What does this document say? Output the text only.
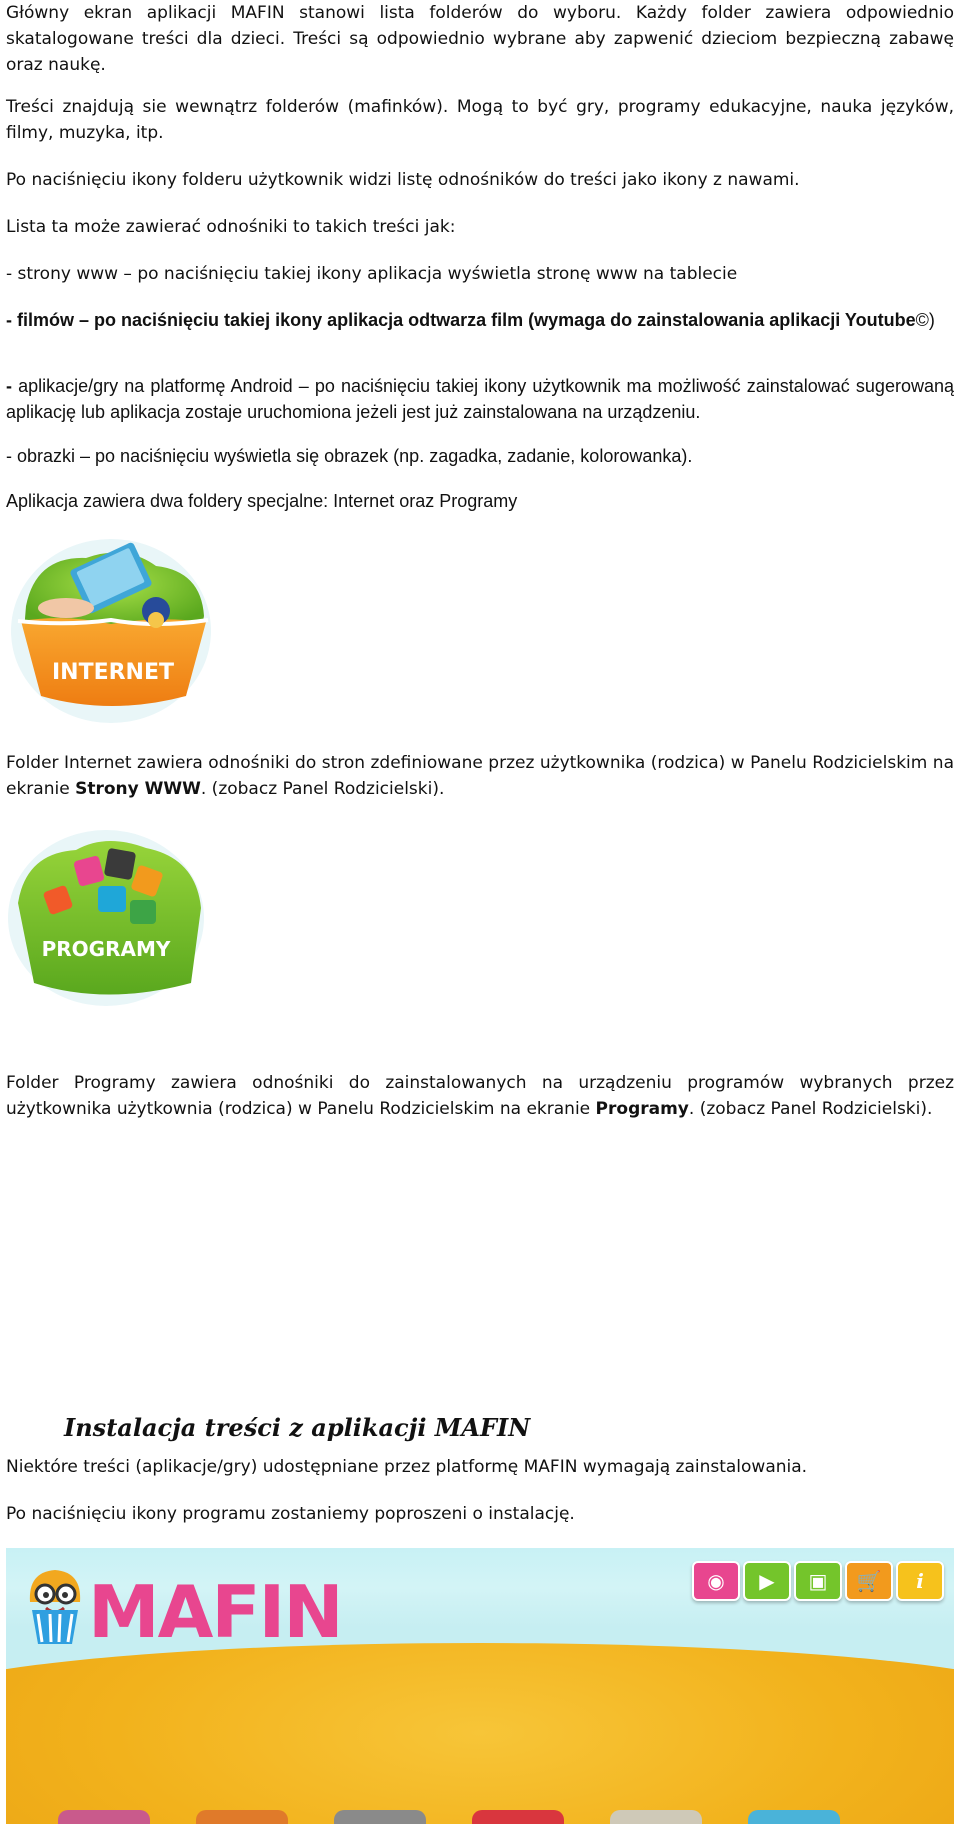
Główny ekran aplikacji MAFIN stanowi lista folderów do wyboru. Każdy folder zawiera odpowiednio skatalogowane treści dla dzieci. Treści są odpowiednio wybrane aby zapwenić dzieciom bezpieczną zabawę oraz naukę.

Treści znajdują sie wewnątrz folderów (mafinków). Mogą to być gry, programy edukacyjne, nauka języków, filmy, muzyka, itp.

Po naciśnięciu ikony folderu użytkownik widzi listę odnośników do treści jako ikony z nawami.

Lista ta może zawierać odnośniki to takich treści jak:

- strony www – po naciśnięciu takiej ikony aplikacja wyświetla stronę www na tablecie

- filmów – po naciśnięciu takiej ikony aplikacja odtwarza film (wymaga do zainstalowania aplikacji Youtube©)

- aplikacje/gry na platformę Android – po naciśnięciu takiej ikony użytkownik ma możliwość zainstalować sugerowaną aplikację lub aplikacja zostaje uruchomiona jeżeli jest już zainstalowana na urządzeniu.

- obrazki – po naciśnięciu wyświetla się obrazek (np. zagadka, zadanie, kolorowanka).

Aplikacja zawiera dwa foldery specjalne: Internet oraz Programy

INTERNET

Folder Internet zawiera odnośniki do stron zdefiniowane przez użytkownika (rodzica) w Panelu Rodzicielskim na ekranie Strony WWW. (zobacz Panel Rodzicielski).

PROGRAMY

Folder Programy zawiera odnośniki do zainstalowanych na urządzeniu programów wybranych przez użytkownika użytkownia (rodzica) w Panelu Rodzicielskim na ekranie Programy. (zobacz Panel Rodzicielski).

Instalacja treści z aplikacji MAFIN

Niektóre treści (aplikacje/gry) udostępniane przez platformę MAFIN wymagają zainstalowania.

Po naciśnięciu ikony programu zostaniemy poproszeni o instalację.

MAFIN	◉	▶	▣	🛒	i
